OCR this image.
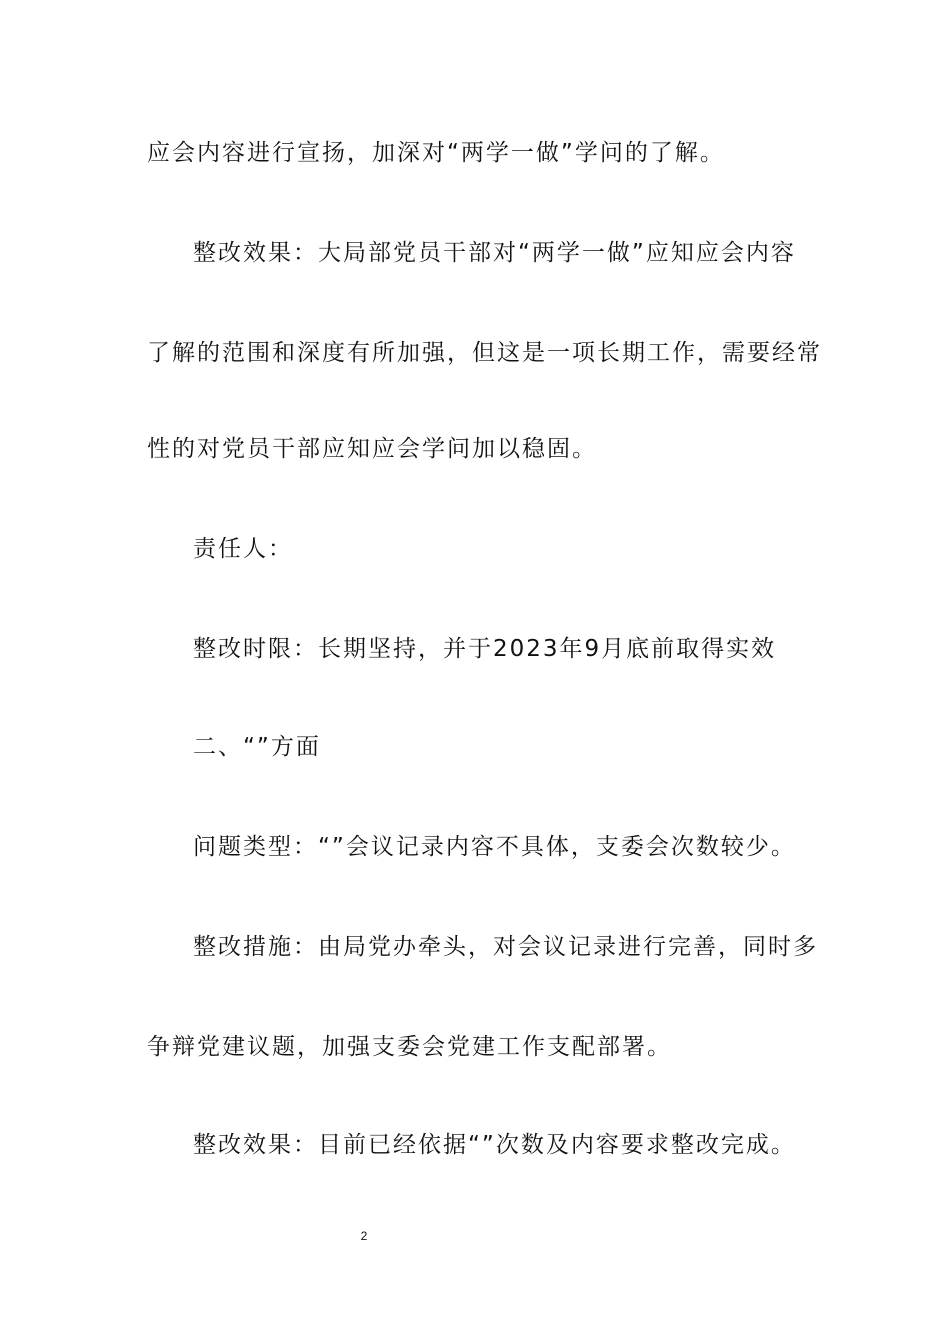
应会内容进行宣扬，加深对“两学一做”学问的了解。
整改效果：大局部党员干部对“两学一做”应知应会内容
了解的范围和深度有所加强，但这是一项长期工作，需要经常
性的对党员干部应知应会学问加以稳固。
责任人：
整改时限：长期坚持，并于2023年9月底前取得实效
二、“”方面
问题类型：“”会议记录内容不具体，支委会次数较少。
整改措施：由局党办牵头，对会议记录进行完善，同时多
争辩党建议题，加强支委会党建工作支配部署。
整改效果：目前已经依据“”次数及内容要求整改完成。
2
